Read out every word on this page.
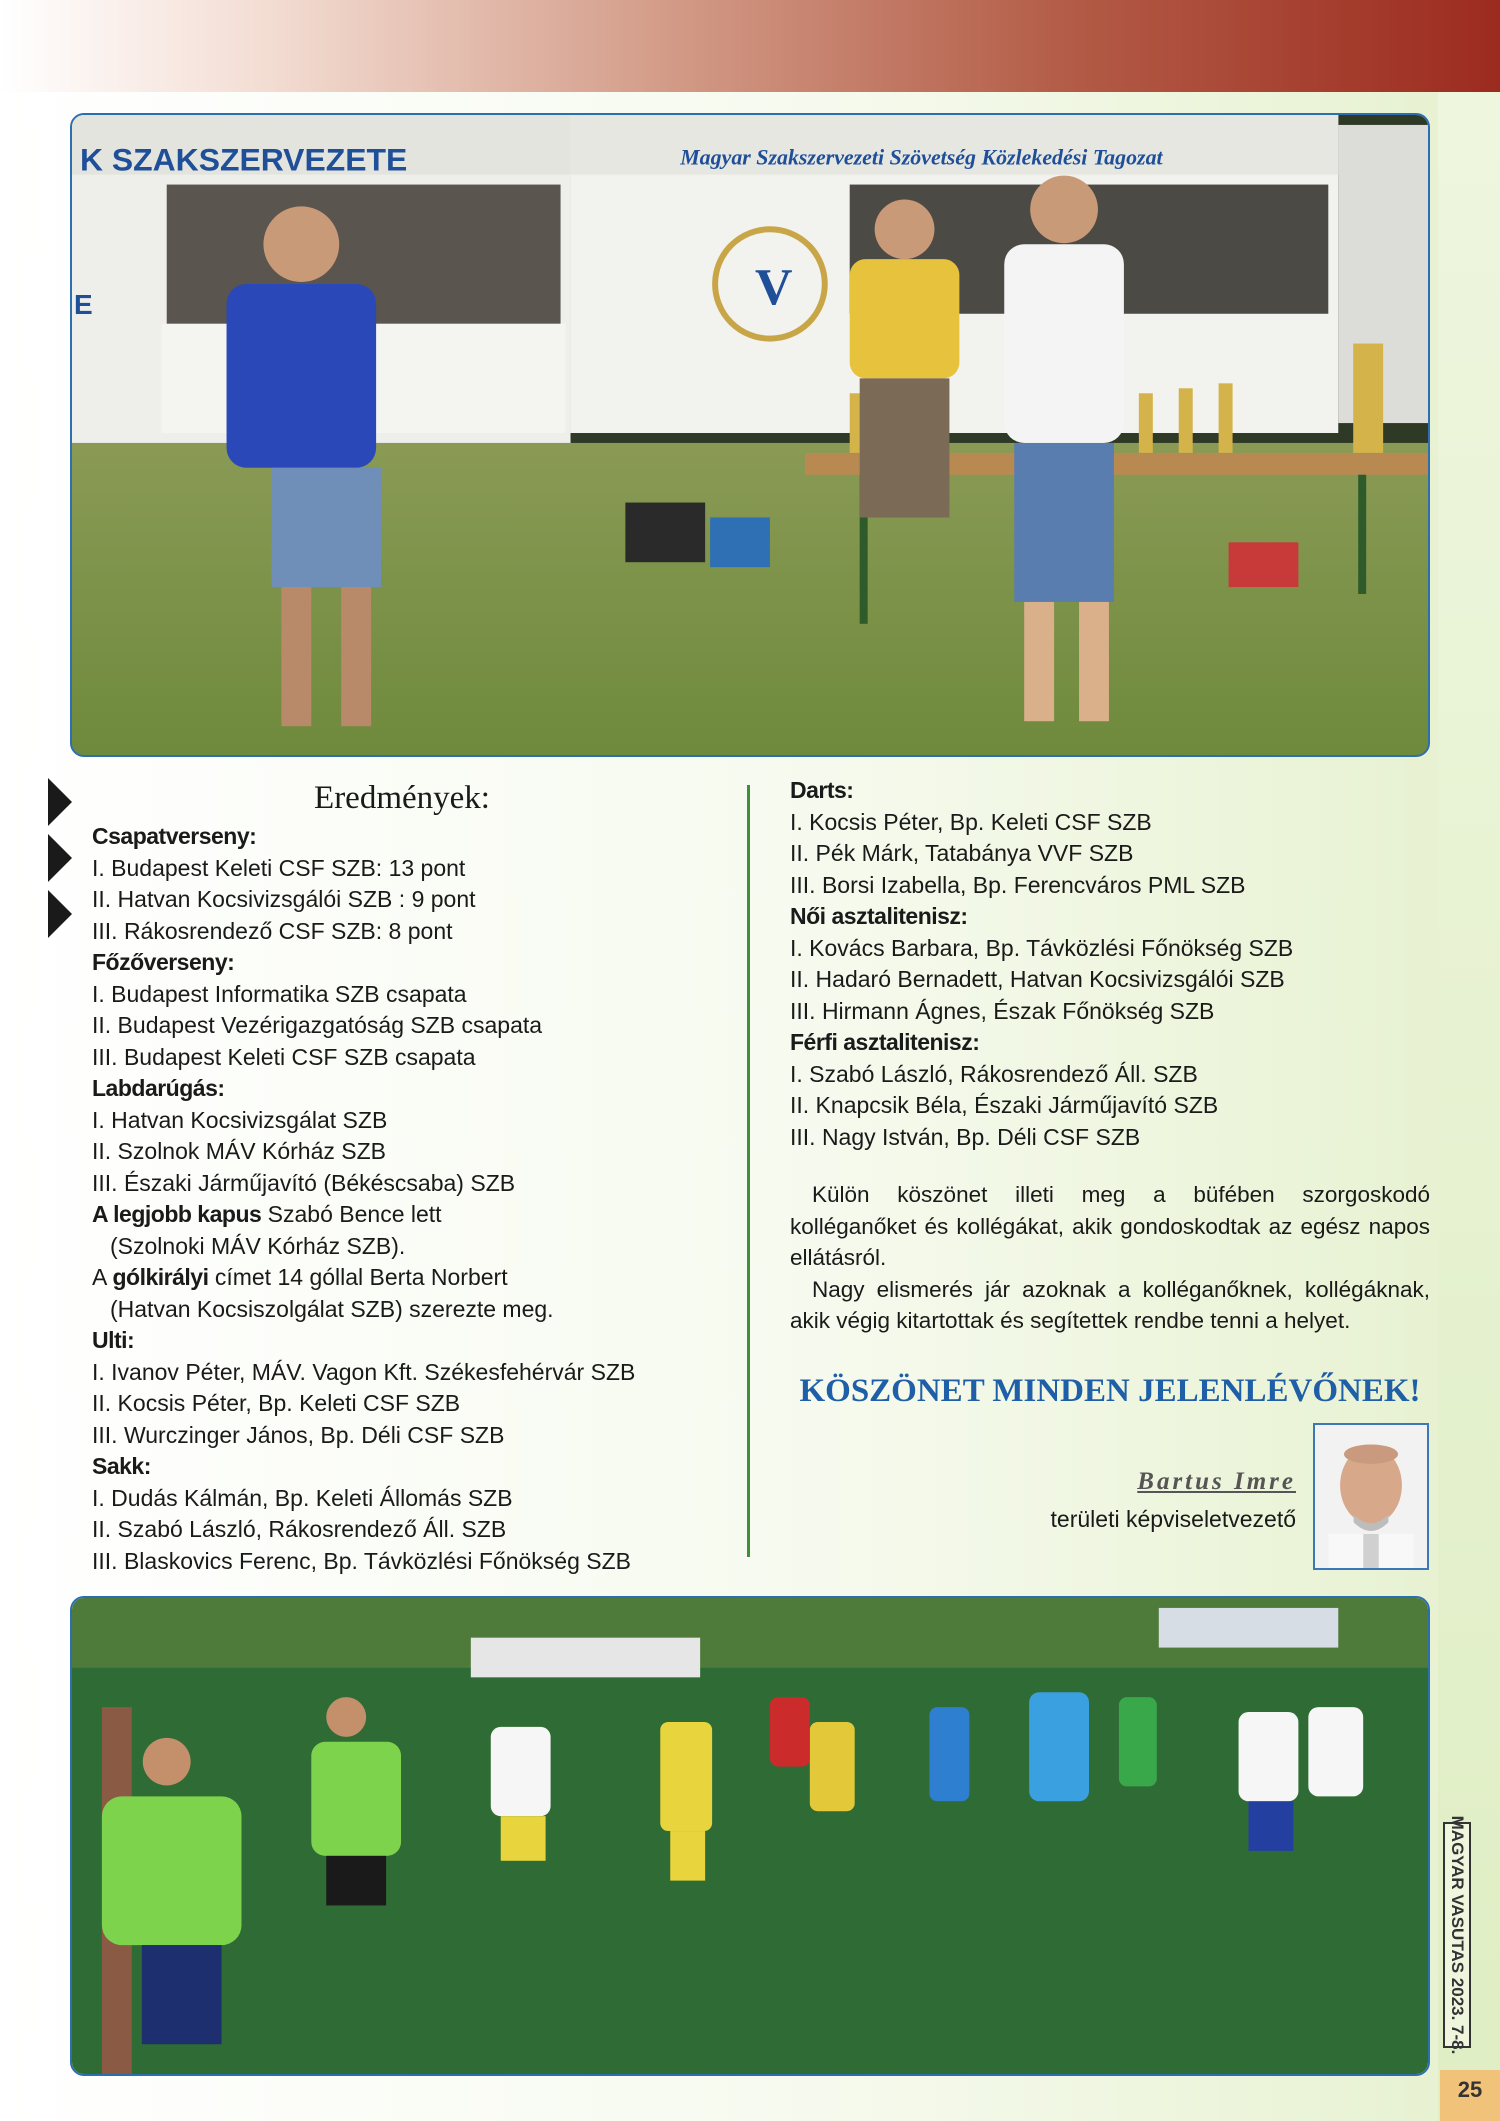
K SZAKSZERVEZETE	Magyar Szakszervezeti Szövetség Közlekedési Tagozat
E	V
Eredmények:
Csapatverseny:
I. Budapest Keleti CSF SZB: 13 pont
II. Hatvan Kocsivizsgálói SZB : 9 pont
III. Rákosrendező CSF SZB: 8 pont
Főzőverseny:
I. Budapest Informatika SZB csapata
II. Budapest Vezérigazgatóság SZB csapata
III. Budapest Keleti CSF SZB csapata
Labdarúgás:
I. Hatvan Kocsivizsgálat SZB
II. Szolnok MÁV Kórház SZB
III. Északi Járműjavító (Békéscsaba) SZB
A legjobb kapus Szabó Bence lett
(Szolnoki MÁV Kórház SZB).
A gólkirályi címet 14 góllal Berta Norbert
(Hatvan Kocsiszolgálat SZB) szerezte meg.
Ulti:
I. Ivanov Péter, MÁV. Vagon Kft. Székesfehérvár SZB
II. Kocsis Péter, Bp. Keleti CSF SZB
III. Wurczinger János, Bp. Déli CSF SZB
Sakk:
I. Dudás Kálmán, Bp. Keleti Állomás SZB
II. Szabó László, Rákosrendező Áll. SZB
III. Blaskovics Ferenc, Bp. Távközlési Főnökség SZB
Darts:
I. Kocsis Péter, Bp. Keleti CSF SZB
II. Pék Márk, Tatabánya VVF SZB
III. Borsi Izabella, Bp. Ferencváros PML SZB
Női asztalitenisz:
I. Kovács Barbara, Bp. Távközlési Főnökség SZB
II. Hadaró Bernadett, Hatvan Kocsivizsgálói SZB
III. Hirmann Ágnes, Észak Főnökség SZB
Férfi asztalitenisz:
I. Szabó László, Rákosrendező Áll. SZB
II. Knapcsik Béla, Északi Járműjavító SZB
III. Nagy István, Bp. Déli CSF SZB

Külön köszönet illeti meg a büfében szorgoskodó kolléganőket és kollégákat, akik gondoskodtak az egész napos ellátásról.

Nagy elismerés jár azoknak a kolléganőknek, kollégáknak, akik végig kitartottak és segítettek rendbe tenni a helyet.

KÖSZÖNET MINDEN JELENLÉVŐNEK!
Bartus Imre
területi képviseletvezető
MAGYAR VASUTAS 2023. 7-8.
25
